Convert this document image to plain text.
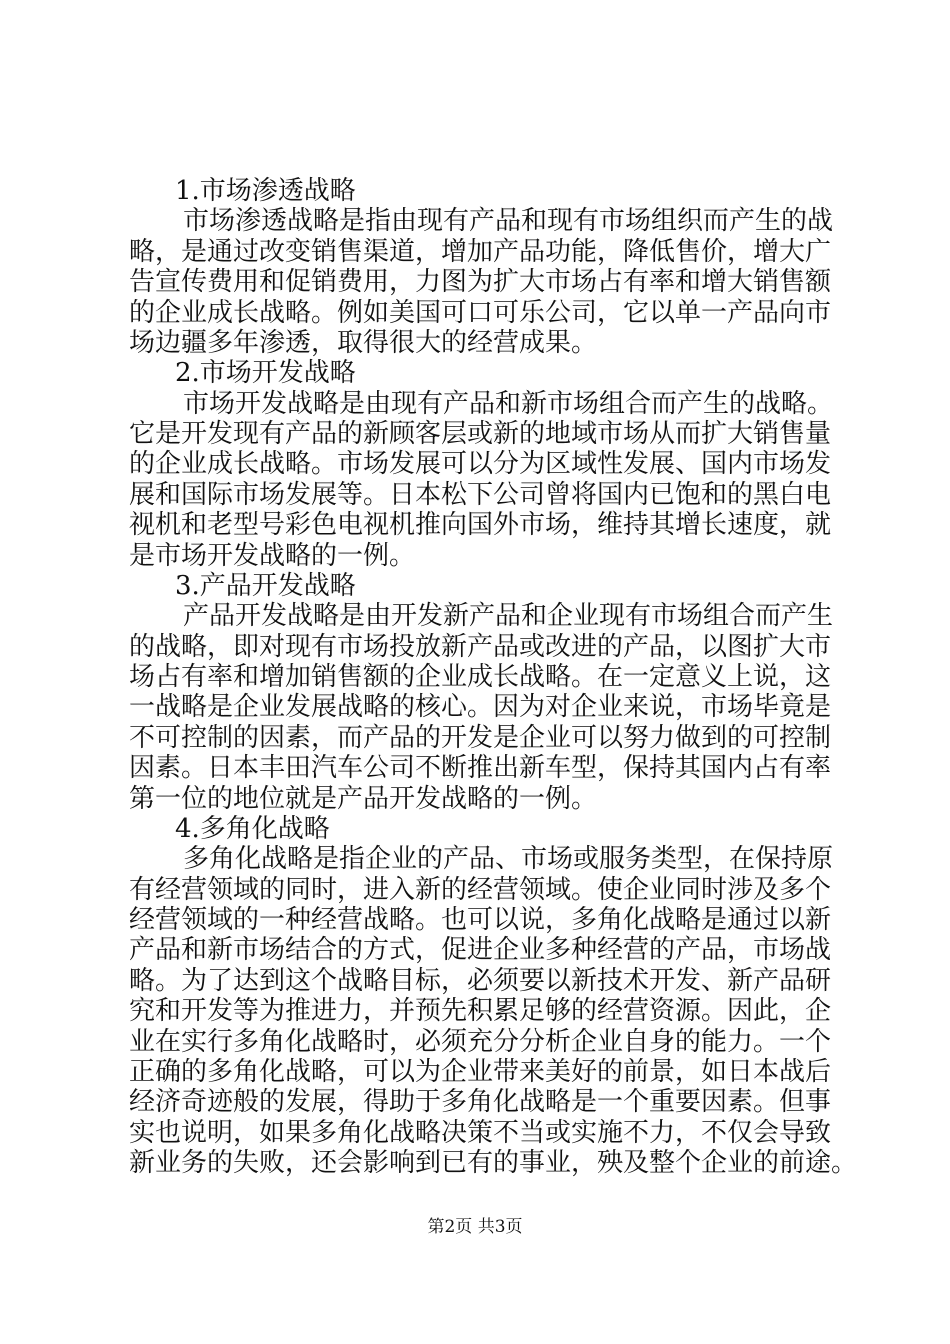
1.市场渗透战略
市场渗透战略是指由现有产品和现有市场组织而产生的战
略，是通过改变销售渠道，增加产品功能，降低售价，增大广
告宣传费用和促销费用，力图为扩大市场占有率和增大销售额
的企业成长战略。例如美国可口可乐公司，它以单一产品向市
场边疆多年渗透，取得很大的经营成果。
2.市场开发战略
市场开发战略是由现有产品和新市场组合而产生的战略。
它是开发现有产品的新顾客层或新的地域市场从而扩大销售量
的企业成长战略。市场发展可以分为区域性发展、国内市场发
展和国际市场发展等。日本松下公司曾将国内已饱和的黑白电
视机和老型号彩色电视机推向国外市场，维持其增长速度，就
是市场开发战略的一例。
3.产品开发战略
产品开发战略是由开发新产品和企业现有市场组合而产生
的战略，即对现有市场投放新产品或改进的产品，以图扩大市
场占有率和增加销售额的企业成长战略。在一定意义上说，这
一战略是企业发展战略的核心。因为对企业来说，市场毕竟是
不可控制的因素，而产品的开发是企业可以努力做到的可控制
因素。日本丰田汽车公司不断推出新车型，保持其国内占有率
第一位的地位就是产品开发战略的一例。
4.多角化战略
多角化战略是指企业的产品、市场或服务类型，在保持原
有经营领域的同时，进入新的经营领域。使企业同时涉及多个
经营领域的一种经营战略。也可以说，多角化战略是通过以新
产品和新市场结合的方式，促进企业多种经营的产品，市场战
略。为了达到这个战略目标，必须要以新技术开发、新产品研
究和开发等为推进力，并预先积累足够的经营资源。因此，企
业在实行多角化战略时，必须充分分析企业自身的能力。一个
正确的多角化战略，可以为企业带来美好的前景，如日本战后
经济奇迹般的发展，得助于多角化战略是一个重要因素。但事
实也说明，如果多角化战略决策不当或实施不力，不仅会导致
新业务的失败，还会影响到已有的事业，殃及整个企业的前途。
第2页 共3页
